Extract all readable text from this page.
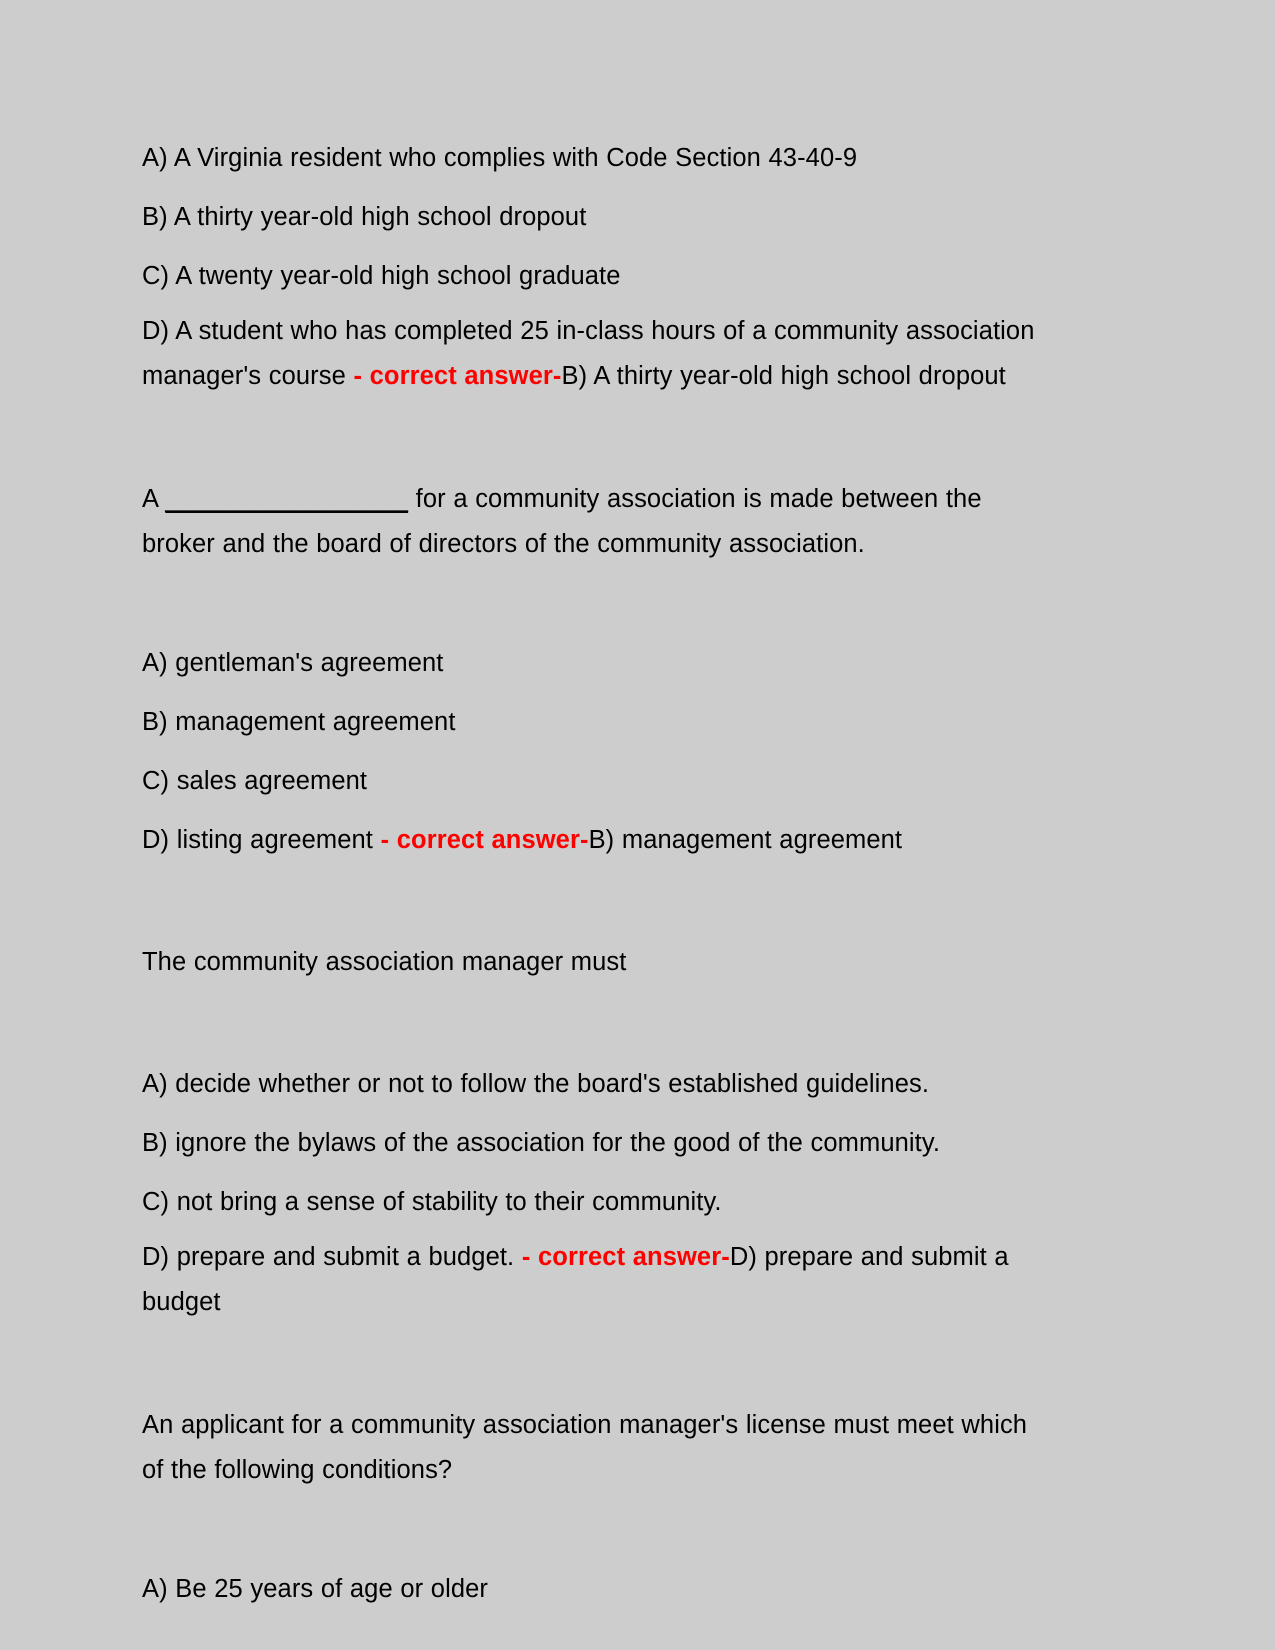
A) A Virginia resident who complies with Code Section 43-40-9

B) A thirty year-old high school dropout

C) A twenty year-old high school graduate

D) A student who has completed 25 in-class hours of a community association manager's course - correct answer-B) A thirty year-old high school dropout

A _________________ for a community association is made between the broker and the board of directors of the community association.

A) gentleman's agreement

B) management agreement

C) sales agreement

D) listing agreement - correct answer-B) management agreement

The community association manager must

A) decide whether or not to follow the board's established guidelines.

B) ignore the bylaws of the association for the good of the community.

C) not bring a sense of stability to their community.

D) prepare and submit a budget. - correct answer-D) prepare and submit a budget

An applicant for a community association manager's license must meet which of the following conditions?

A) Be 25 years of age or older
